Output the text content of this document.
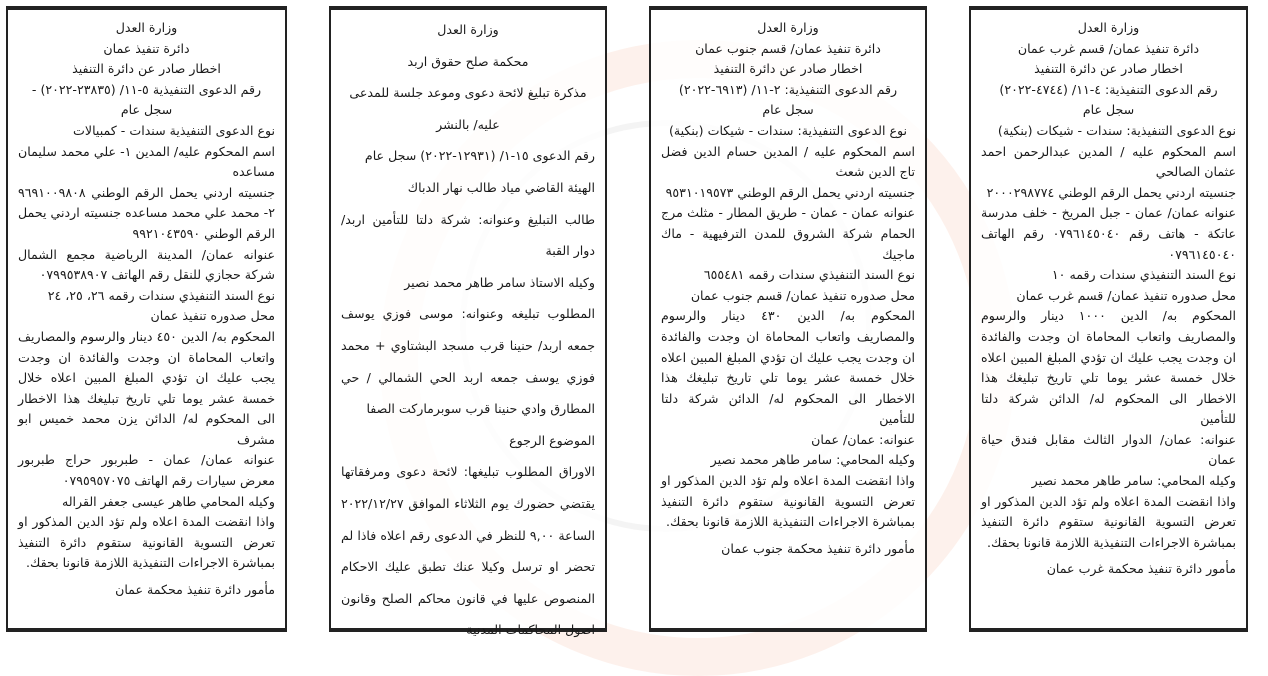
وزارة العدل
دائرة تنفيذ عمان/ قسم غرب عمان
اخطار صادر عن دائرة التنفيذ
رقم الدعوى التنفيذية: ٤-١١/ (٤٧٤٤-٢٠٢٢)
سجل عام
نوع الدعوى التنفيذية: سندات - شيكات (بنكية)
اسم المحكوم عليه / المدين عبدالرحمن احمد عثمان الصالحي
جنسيته اردني يحمل الرقم الوطني ٢٠٠٠٢٩٨٧٧٤
عنوانه عمان/ عمان - جبل المريخ - خلف مدرسة عاتكة - هاتف رقم ٠٧٩٦١٤٥٠٤٠ رقم الهاتف ٠٧٩٦١٤٥٠٤٠
نوع السند التنفيذي سندات رقمه ١٠
محل صدوره تنفيذ عمان/ قسم غرب عمان
المحكوم به/ الدين ١٠٠٠ دينار والرسوم والمصاريف واتعاب المحاماة ان وجدت والفائدة ان وجدت يجب عليك ان تؤدي المبلغ المبين اعلاه خلال خمسة عشر يوما تلي تاريخ تبليغك هذا الاخطار الى المحكوم له/ الدائن شركة دلتا للتأمين
عنوانه: عمان/ الدوار الثالث مقابل فندق حياة عمان
وكيله المحامي: سامر طاهر محمد نصير
واذا انقضت المدة اعلاه ولم تؤد الدين المذكور او تعرض التسوية القانونية ستقوم دائرة التنفيذ بمباشرة الاجراءات التنفيذية اللازمة قانونا بحقك.
مأمور دائرة تنفيذ محكمة غرب عمان
وزارة العدل
دائرة تنفيذ عمان/ قسم جنوب عمان
اخطار صادر عن دائرة التنفيذ
رقم الدعوى التنفيذية: ٢-١١/ (٦٩١٣-٢٠٢٢)
سجل عام
نوع الدعوى التنفيذية: سندات - شيكات (بنكية)
اسم المحكوم عليه / المدين حسام الدين فضل تاج الدين شعث
جنسيته اردني يحمل الرقم الوطني ٩٥٣١٠١٩٥٧٣
عنوانه عمان - عمان - طريق المطار - مثلث مرج الحمام شركة الشروق للمدن الترفيهية - ماك ماجيك
نوع السند التنفيذي سندات رقمه ٦٥٥٤٨١
محل صدوره تنفيذ عمان/ قسم جنوب عمان
المحكوم به/ الدين ٤٣٠ دينار والرسوم والمصاريف واتعاب المحاماة ان وجدت والفائدة ان وجدت يجب عليك ان تؤدي المبلغ المبين اعلاه خلال خمسة عشر يوما تلي تاريخ تبليغك هذا الاخطار الى المحكوم له/ الدائن شركة دلتا للتأمين
عنوانه: عمان/ عمان
وكيله المحامي: سامر طاهر محمد نصير
واذا انقضت المدة اعلاه ولم تؤد الدين المذكور او تعرض التسوية القانونية ستقوم دائرة التنفيذ بمباشرة الاجراءات التنفيذية اللازمة قانونا بحقك.
مأمور دائرة تنفيذ محكمة جنوب عمان
وزارة العدل
محكمة صلح حقوق اربد
مذكرة تبليغ لائحة دعوى وموعد جلسة للمدعى عليه/ بالنشر
رقم الدعوى ١٥-١/ (١٢٩٣١-٢٠٢٢) سجل عام
الهيئة القاضي مياد طالب نهار الدباك
طالب التبليغ وعنوانه: شركة دلتا للتأمين اربد/ دوار القبة
وكيله الاستاذ سامر طاهر محمد نصير
المطلوب تبليغه وعنوانه: موسى فوزي يوسف جمعه اربد/ حنينا قرب مسجد البشتاوي + محمد فوزي يوسف جمعه اربد الحي الشمالي / حي المطارق وادي حنينا قرب سوبرماركت الصفا
الموضوع الرجوع
الاوراق المطلوب تبليغها: لائحة دعوى ومرفقاتها يقتضي حضورك يوم الثلاثاء الموافق ٢٠٢٢/١٢/٢٧ الساعة ٩,٠٠ للنظر في الدعوى رقم اعلاه فاذا لم تحضر او ترسل وكيلا عنك تطبق عليك الاحكام المنصوص عليها في قانون محاكم الصلح وقانون اصول المحاكمات المدنية
وزارة العدل
دائرة تنفيذ عمان
اخطار صادر عن دائرة التنفيذ
رقم الدعوى التنفيذية ٥-١١/ (٢٣٨٣٥-٢٠٢٢) - سجل عام
نوع الدعوى التنفيذية سندات - كمبيالات
اسم المحكوم عليه/ المدين ١- علي محمد سليمان مساعده
جنسيته اردني يحمل الرقم الوطني ٩٦٩١٠٠٩٨٠٨ ٢- محمد علي محمد مساعده جنسيته اردني يحمل الرقم الوطني ٩٩٢١٠٤٣٥٩٠
عنوانه عمان/ المدينة الرياضية مجمع الشمال شركة حجازي للنقل رقم الهاتف ٠٧٩٩٥٣٨٩٠٧
نوع السند التنفيذي سندات رقمه ٢٦، ٢٥، ٢٤
محل صدوره تنفيذ عمان
المحكوم به/ الدين ٤٥٠ دينار والرسوم والمصاريف واتعاب المحاماة ان وجدت والفائدة ان وجدت يجب عليك ان تؤدي المبلغ المبين اعلاه خلال خمسة عشر يوما تلي تاريخ تبليغك هذا الاخطار الى المحكوم له/ الدائن يزن محمد خميس ابو مشرف
عنوانه عمان/ عمان - طبربور حراج طبربور معرض سيارات رقم الهاتف ٠٧٩٥٩٥٧٠٧٥
وكيله المحامي طاهر عيسى جعفر القراله
واذا انقضت المدة اعلاه ولم تؤد الدين المذكور او تعرض التسوية القانونية ستقوم دائرة التنفيذ بمباشرة الاجراءات التنفيذية اللازمة قانونا بحقك.
مأمور دائرة تنفيذ محكمة عمان
